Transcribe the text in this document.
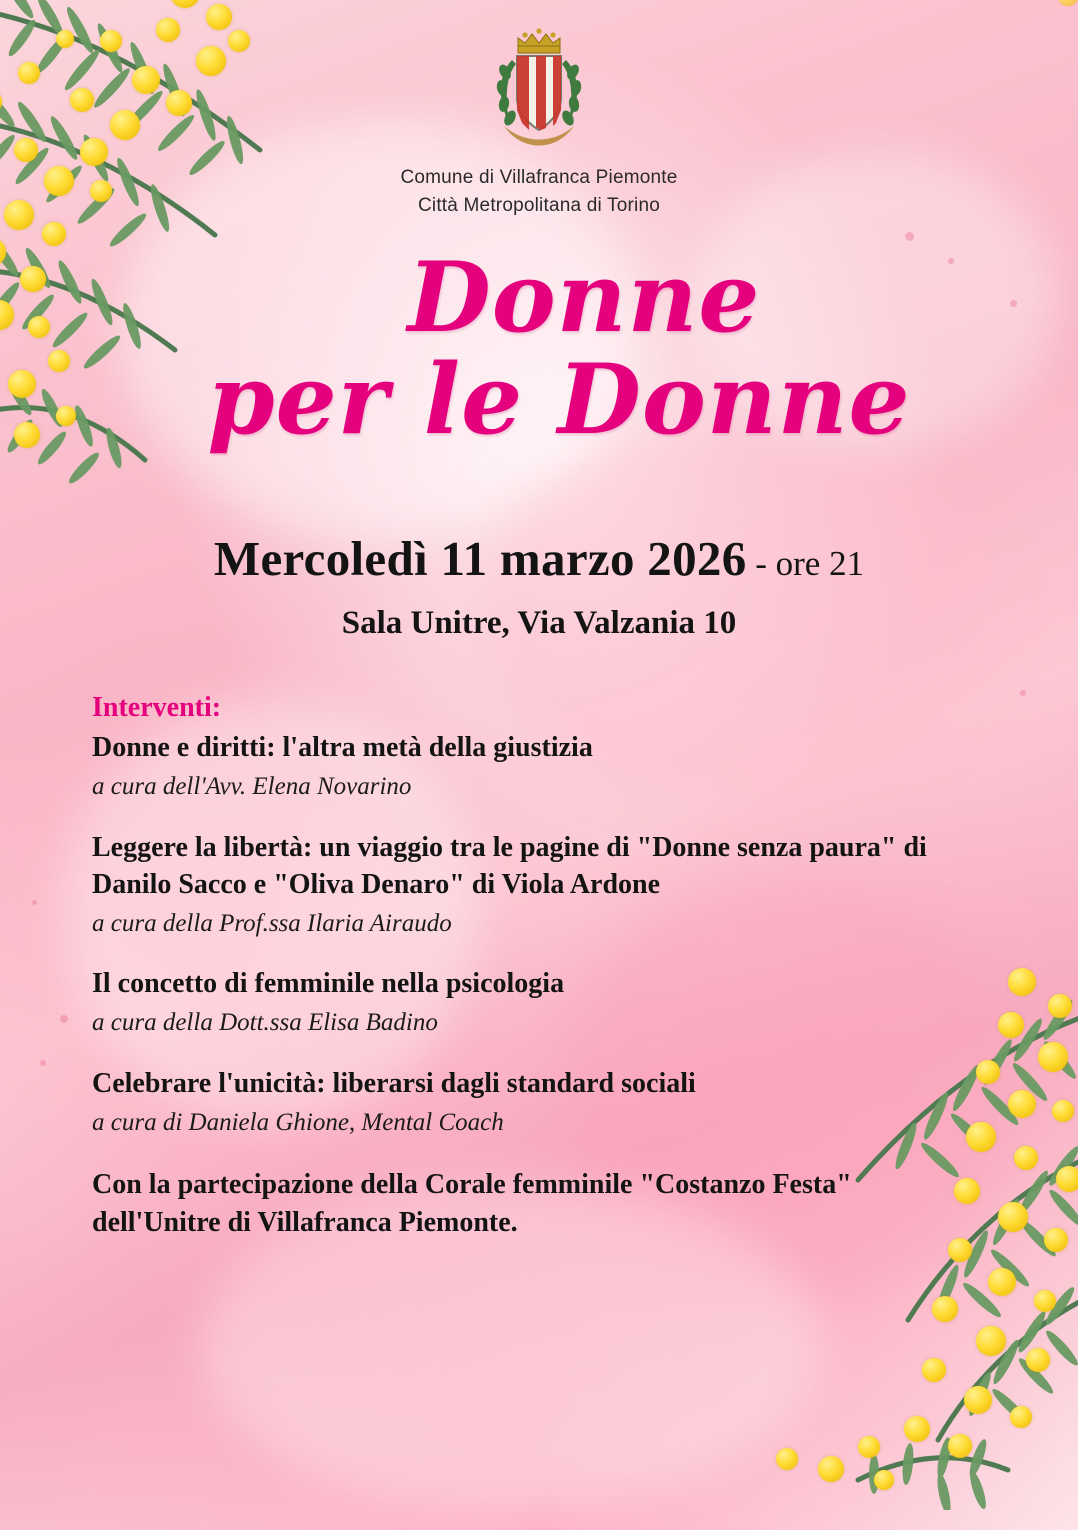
Comune di Villafranca Piemonte
Città Metropolitana di Torino
Donne
per le Donne
Mercoledì 11 marzo 2026 - ore 21
Sala Unitre, Via Valzania 10
Interventi:
Donne e diritti: l'altra metà della giustizia
a cura dell'Avv. Elena Novarino
Leggere la libertà: un viaggio tra le pagine di "Donne senza paura" di Danilo Sacco e "Oliva Denaro" di Viola Ardone
a cura della Prof.ssa Ilaria Airaudo
Il concetto di femminile nella psicologia
a cura della Dott.ssa Elisa Badino
Celebrare l'unicità: liberarsi dagli standard sociali
a cura di Daniela Ghione, Mental Coach
Con la partecipazione della Corale femminile "Costanzo Festa" dell'Unitre di Villafranca Piemonte.
